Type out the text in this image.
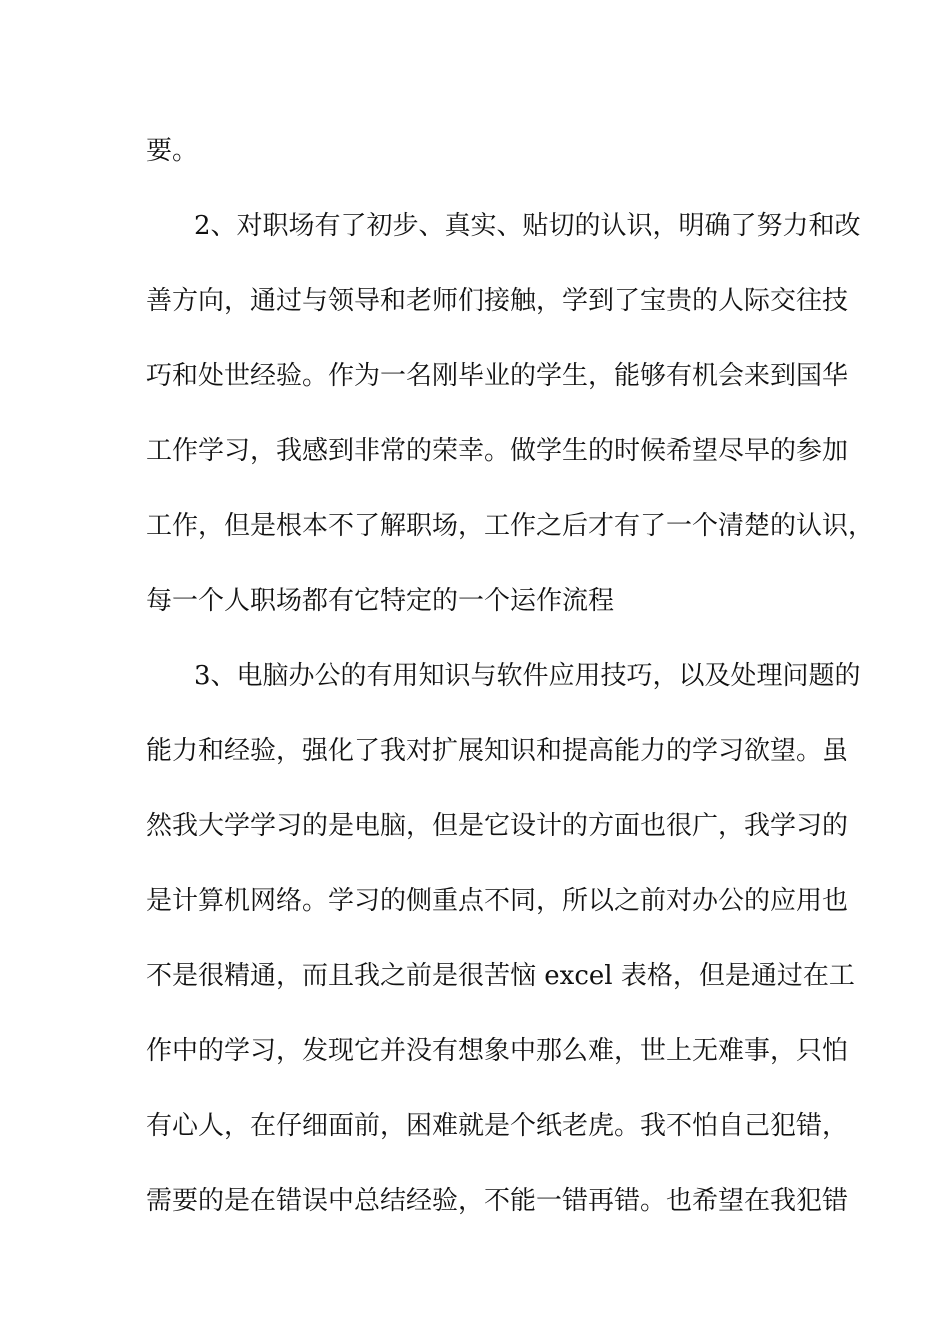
要。
2、对职场有了初步、真实、贴切的认识，明确了努力和改
善方向，通过与领导和老师们接触，学到了宝贵的人际交往技
巧和处世经验。作为一名刚毕业的学生，能够有机会来到国华
工作学习，我感到非常的荣幸。做学生的时候希望尽早的参加
工作，但是根本不了解职场，工作之后才有了一个清楚的认识，
每一个人职场都有它特定的一个运作流程
3、电脑办公的有用知识与软件应用技巧，以及处理问题的
能力和经验，强化了我对扩展知识和提高能力的学习欲望。虽
然我大学学习的是电脑，但是它设计的方面也很广，我学习的
是计算机网络。学习的侧重点不同，所以之前对办公的应用也
不是很精通，而且我之前是很苦恼 excel 表格，但是通过在工
作中的学习，发现它并没有想象中那么难，世上无难事，只怕
有心人，在仔细面前，困难就是个纸老虎。我不怕自己犯错，
需要的是在错误中总结经验，不能一错再错。也希望在我犯错
